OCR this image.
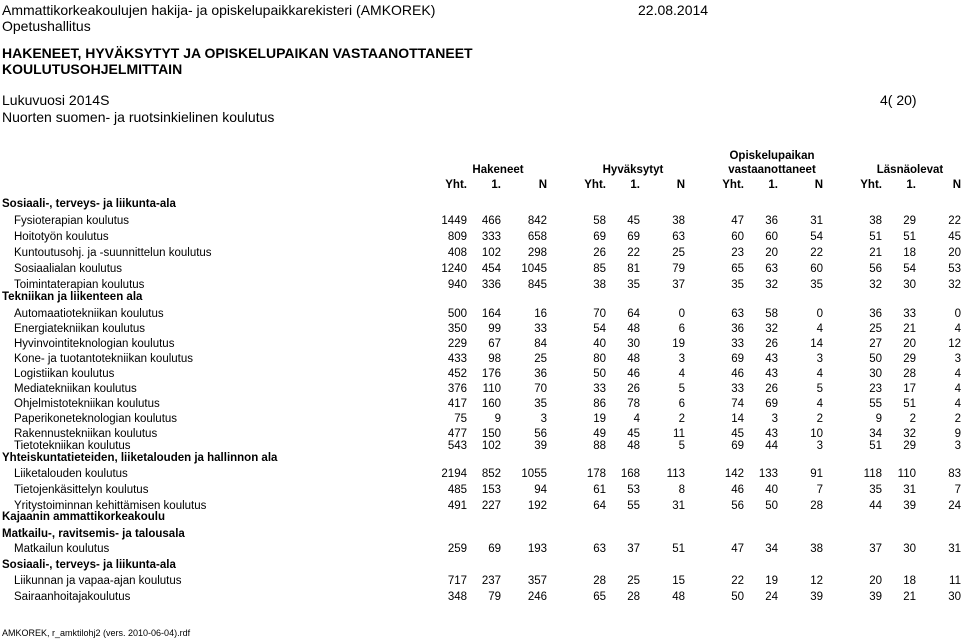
Ammattikorkeakoulujen hakija- ja opiskelupaikkarekisteri (AMKOREK)	22.08.2014
Opetushallitus
HAKENEET, HYVÄKSYTYT JA OPISKELUPAIKAN VASTAANOTTANEET
KOULUTUSOHJELMITTAIN
Lukuvuosi 2014S	4( 20)
Nuorten suomen- ja ruotsinkielinen koulutus
Hakeneet	Hyväksytyt
Opiskelupaikan
vastaanottaneet	Läsnäolevat
Yht.	1.	N	Yht.	1.	N	Yht.	1.	N	Yht.	1.	N
Sosiaali-, terveys- ja liikunta-ala
Fysioterapian koulutus	1449	466	842	58	45	38	47	36	31	38	29	22
Hoitotyön koulutus	809	333	658	69	69	63	60	60	54	51	51	45
Kuntoutusohj. ja -suunnittelun koulutus	408	102	298	26	22	25	23	20	22	21	18	20
Sosiaalialan koulutus	1240	454	1045	85	81	79	65	63	60	56	54	53
Toimintaterapian koulutus	940	336	845	38	35	37	35	32	35	32	30	32
Tekniikan ja liikenteen ala
Automaatiotekniikan koulutus	500	164	16	70	64	0	63	58	0	36	33	0
Energiatekniikan koulutus	350	99	33	54	48	6	36	32	4	25	21	4
Hyvinvointiteknologian koulutus	229	67	84	40	30	19	33	26	14	27	20	12
Kone- ja tuotantotekniikan koulutus	433	98	25	80	48	3	69	43	3	50	29	3
Logistiikan koulutus	452	176	36	50	46	4	46	43	4	30	28	4
Mediatekniikan koulutus	376	110	70	33	26	5	33	26	5	23	17	4
Ohjelmistotekniikan koulutus	417	160	35	86	78	6	74	69	4	55	51	4
Paperikoneteknologian koulutus	75	9	3	19	4	2	14	3	2	9	2	2
Rakennustekniikan koulutus	477	150	56	49	45	11	45	43	10	34	32	9
Tietotekniikan koulutus	543	102	39	88	48	5	69	44	3	51	29	3
Yhteiskuntatieteiden, liiketalouden ja hallinnon ala
Liiketalouden koulutus	2194	852	1055	178	168	113	142	133	91	118	110	83
Tietojenkäsittelyn koulutus	485	153	94	61	53	8	46	40	7	35	31	7
Yritystoiminnan kehittämisen koulutus	491	227	192	64	55	31	56	50	28	44	39	24
Kajaanin ammattikorkeakoulu
Matkailu-, ravitsemis- ja talousala
Matkailun koulutus	259	69	193	63	37	51	47	34	38	37	30	31
Sosiaali-, terveys- ja liikunta-ala
Liikunnan ja vapaa-ajan koulutus	717	237	357	28	25	15	22	19	12	20	18	11
Sairaanhoitajakoulutus	348	79	246	65	28	48	50	24	39	39	21	30
AMKOREK, r_amktilohj2 (vers. 2010-06-04).rdf
